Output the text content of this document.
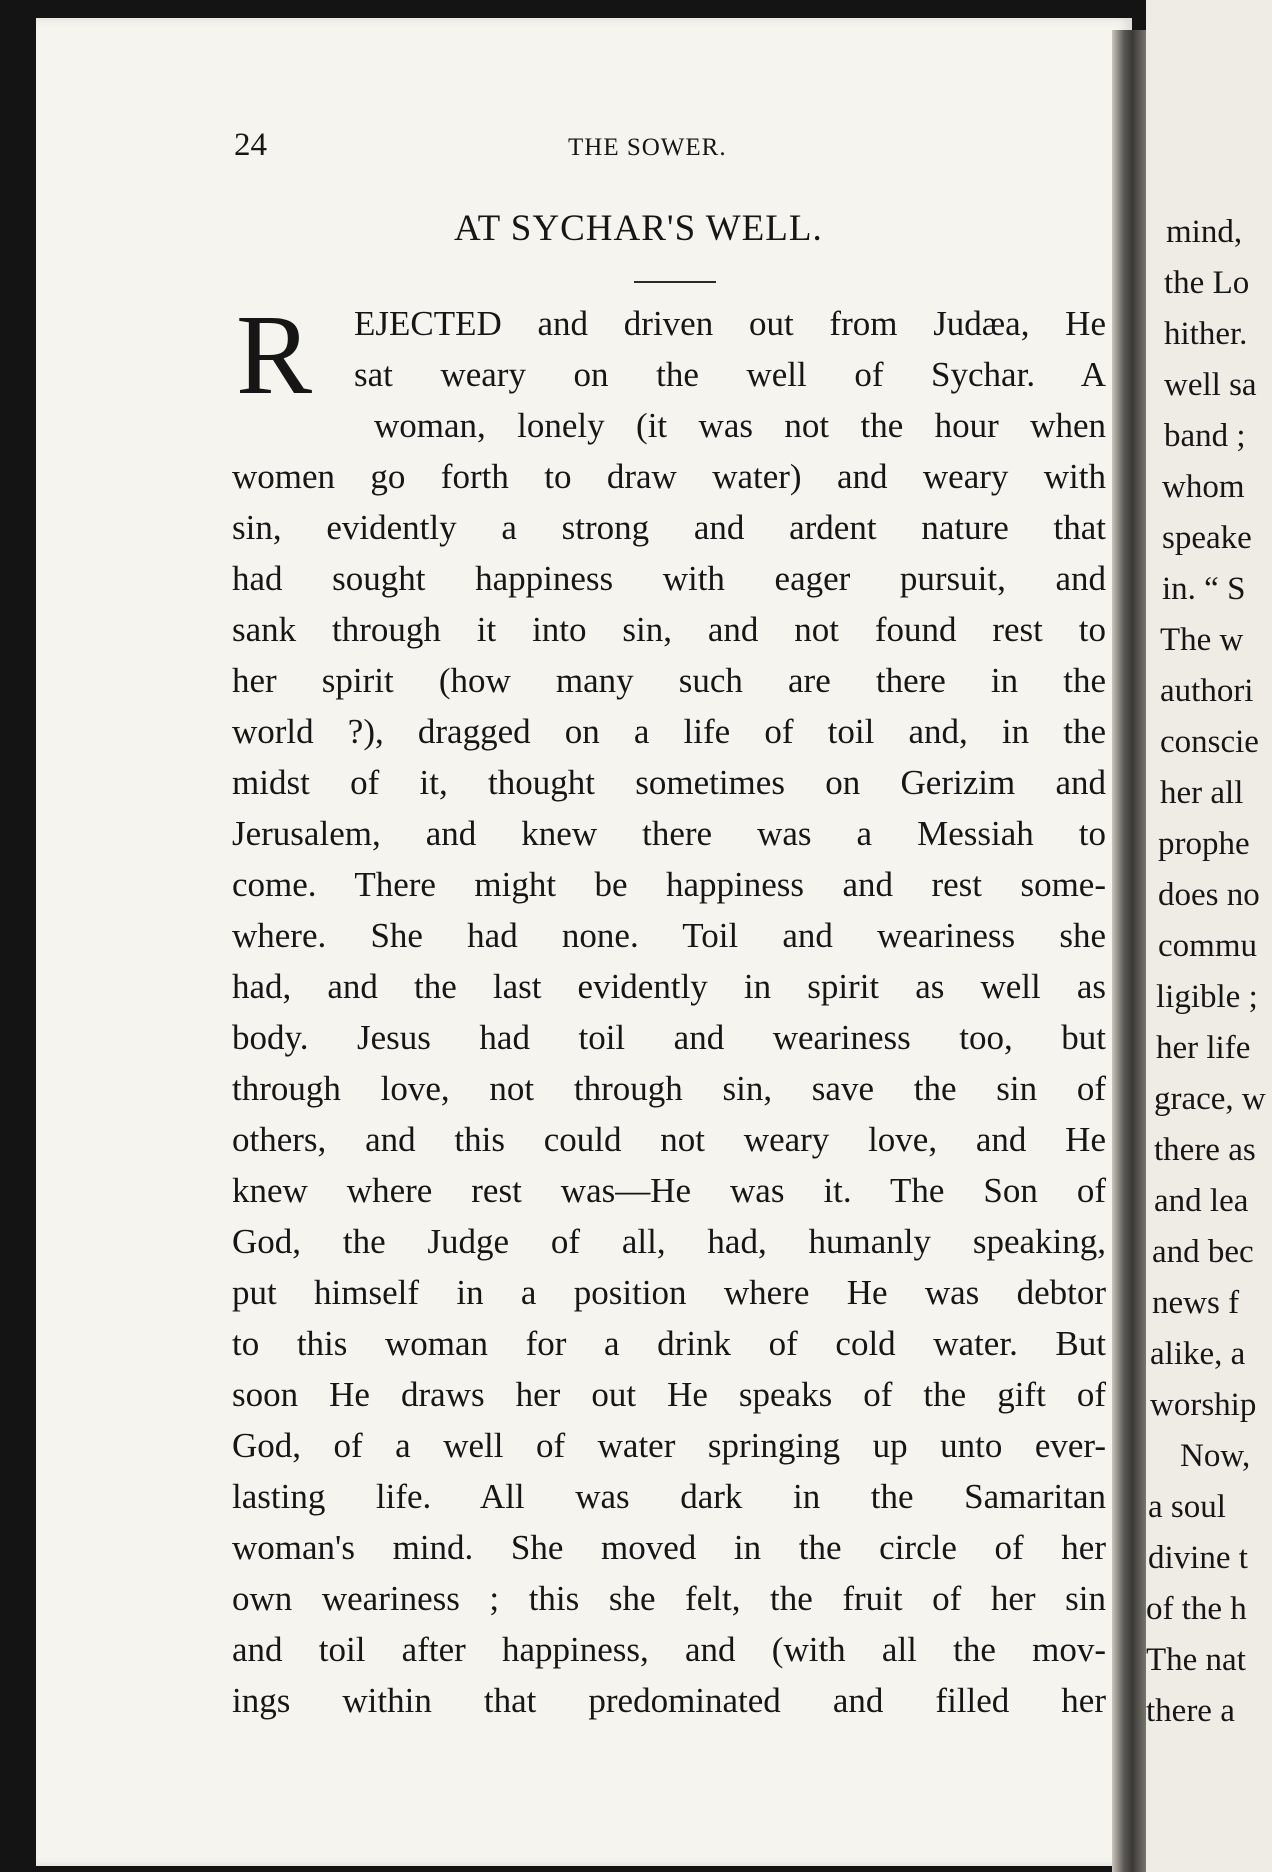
24	THE SOWER.
AT SYCHAR'S WELL.
R EJECTED and driven out from Judæa, He
sat weary on the well of Sychar. A
woman, lonely (it was not the hour when
women go forth to draw water) and weary with
sin, evidently a strong and ardent nature that
had sought happiness with eager pursuit, and
sank through it into sin, and not found rest to
her spirit (how many such are there in the
world ?), dragged on a life of toil and, in the
midst of it, thought sometimes on Gerizim and
Jerusalem, and knew there was a Messiah to
come. There might be happiness and rest some-
where. She had none. Toil and weariness she
had, and the last evidently in spirit as well as
body. Jesus had toil and weariness too, but
through love, not through sin, save the sin of
others, and this could not weary love, and He
knew where rest was—He was it. The Son of
God, the Judge of all, had, humanly speaking,
put himself in a position where He was debtor
to this woman for a drink of cold water. But
soon He draws her out He speaks of the gift of
God, of a well of water springing up unto ever-
lasting life. All was dark in the Samaritan
woman's mind. She moved in the circle of her
own weariness ; this she felt, the fruit of her sin
and toil after happiness, and (with all the mov-
ings within that predominated and filled her
mind,
the Lo
hither.
well sa
band ;
whom
speake
in. “ S
The w
authori
conscie
her all
prophe
does no
commu
ligible ;
her life
grace, w
there as
and lea
and bec
news f
alike, a
worship
Now,
a soul
divine t
of the h
The nat
there a
